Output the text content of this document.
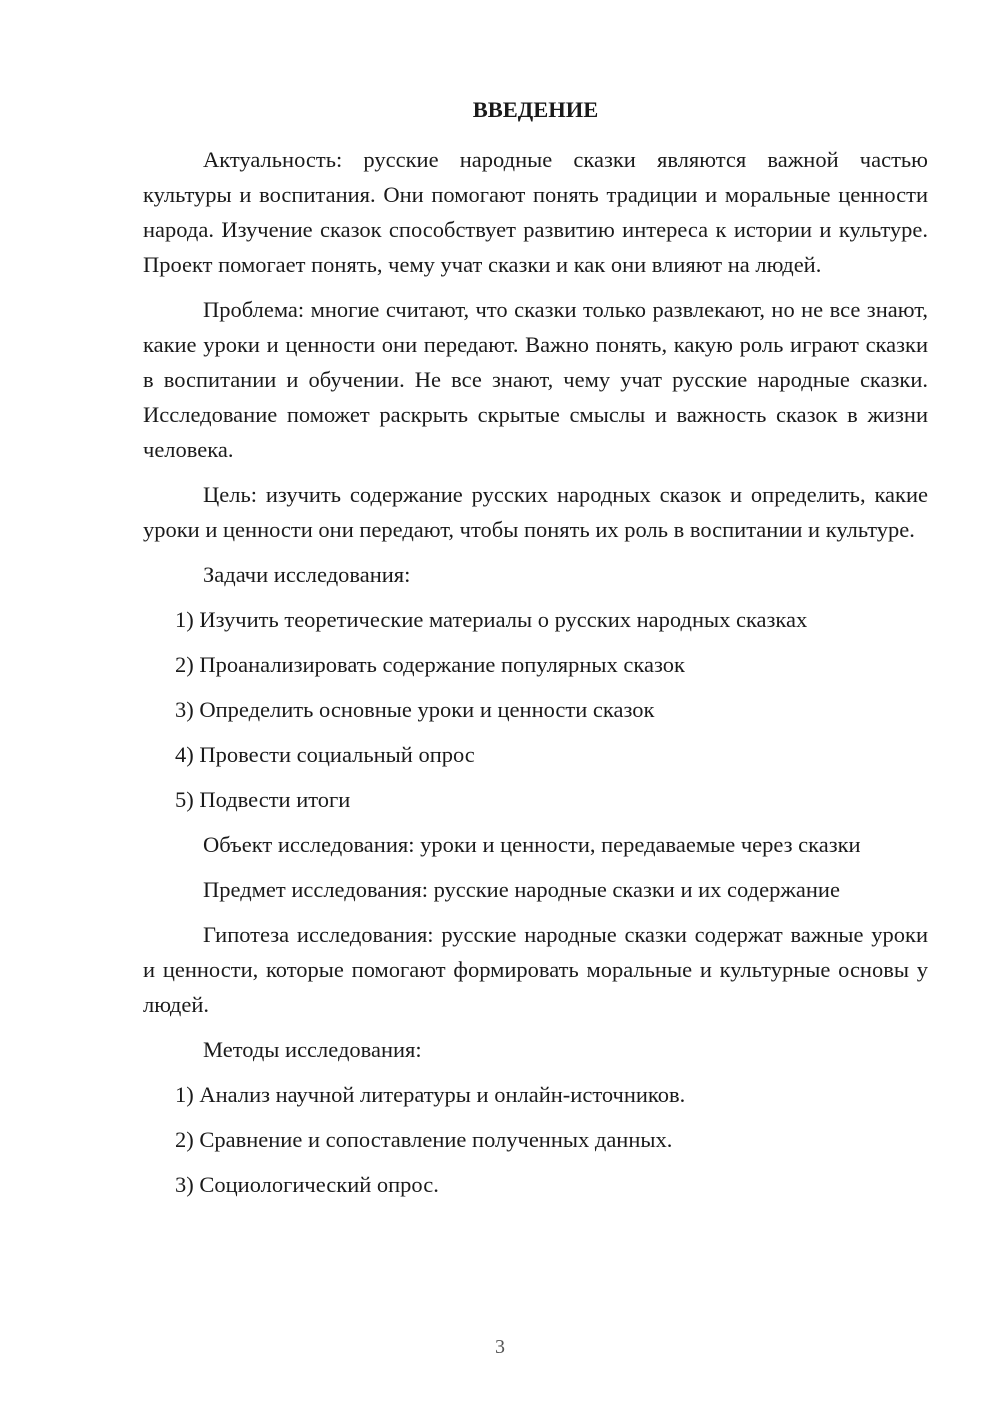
ВВЕДЕНИЕ

Актуальность: русские народные сказки являются важной частью культуры и воспитания. Они помогают понять традиции и моральные ценности народа. Изучение сказок способствует развитию интереса к истории и культуре. Проект помогает понять, чему учат сказки и как они влияют на людей.

Проблема: многие считают, что сказки только развлекают, но не все знают, какие уроки и ценности они передают. Важно понять, какую роль играют сказки в воспитании и обучении. Не все знают, чему учат русские народные сказки. Исследование поможет раскрыть скрытые смыслы и важность сказок в жизни человека.

Цель: изучить содержание русских народных сказок и определить, какие уроки и ценности они передают, чтобы понять их роль в воспитании и культуре.

Задачи исследования:
1) Изучить теоретические материалы о русских народных сказках
2) Проанализировать содержание популярных сказок
3) Определить основные уроки и ценности сказок
4) Провести социальный опрос
5) Подвести итоги
Объект исследования: уроки и ценности, передаваемые через сказки
Предмет исследования: русские народные сказки и их содержание

Гипотеза исследования: русские народные сказки содержат важные уроки и ценности, которые помогают формировать моральные и культурные основы у людей.

Методы исследования:
1) Анализ научной литературы и онлайн-источников.
2) Сравнение и сопоставление полученных данных.
3) Социологический опрос.
3
